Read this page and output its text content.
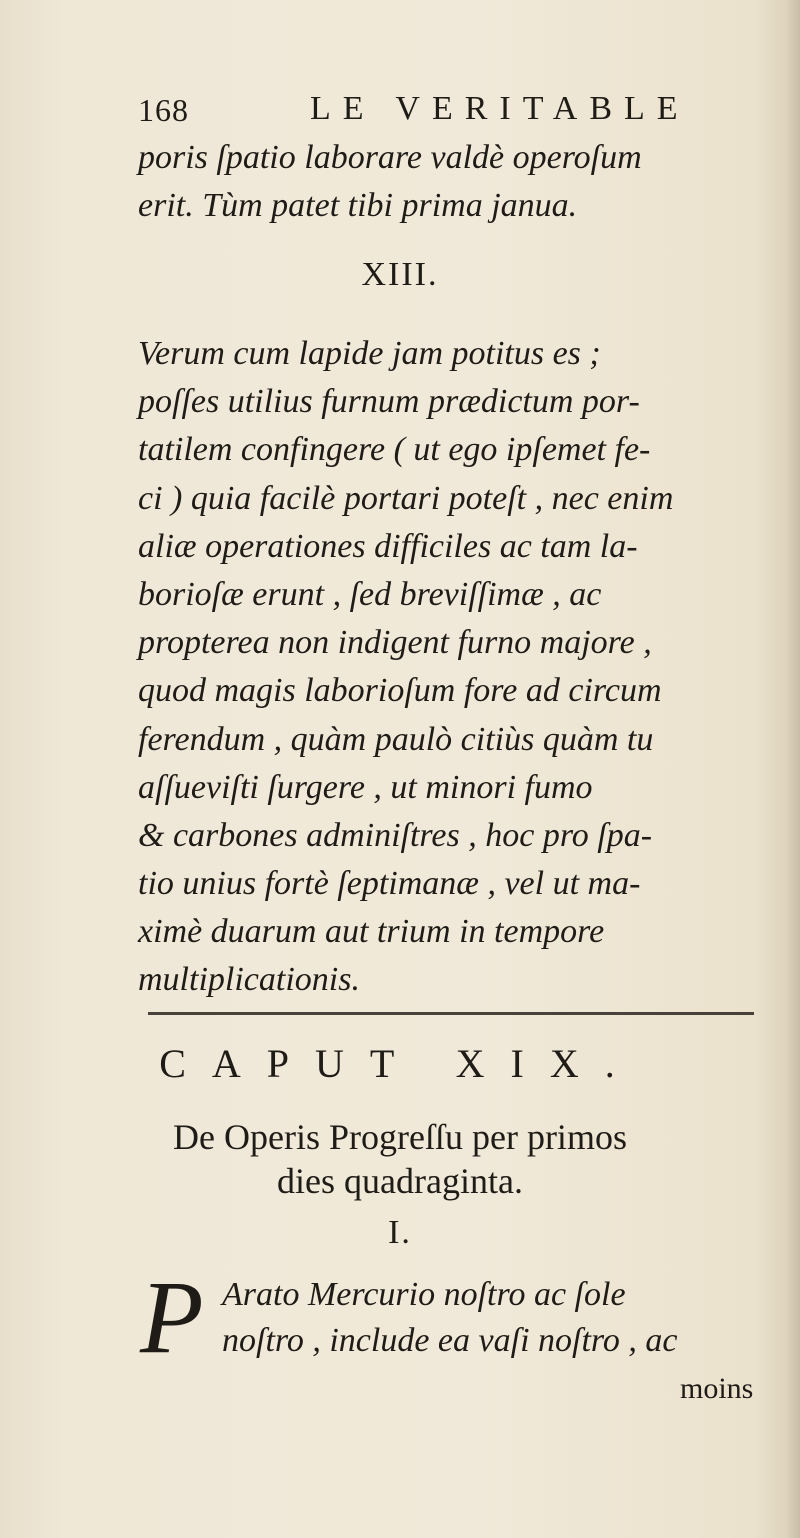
168	LE VERITABLE
poris ſpatio laborare valdè operoſum
erit. Tùm patet tibi prima janua.
XIII.
Verum cum lapide jam potitus es ;
poſſes utilius furnum prædictum por-
tatilem confingere ( ut ego ipſemet fe-
ci ) quia facilè portari poteſt , nec enim
aliæ operationes difficiles ac tam la-
borioſæ erunt , ſed breviſſimæ , ac
propterea non indigent furno majore ,
quod magis laborioſum fore ad circum
ferendum , quàm paulò citiùs quàm tu
aſſueviſti ſurgere , ut minori fumo
& carbones adminiſtres , hoc pro ſpa-
tio unius fortè ſeptimanæ , vel ut ma-
ximè duarum aut trium in tempore
multiplicationis.
CAPUT XIX.
De Operis Progreſſu per primos
dies quadraginta.
I.
P Arato Mercurio noſtro ac ſole
noſtro , include ea vaſi noſtro , ac
moins
